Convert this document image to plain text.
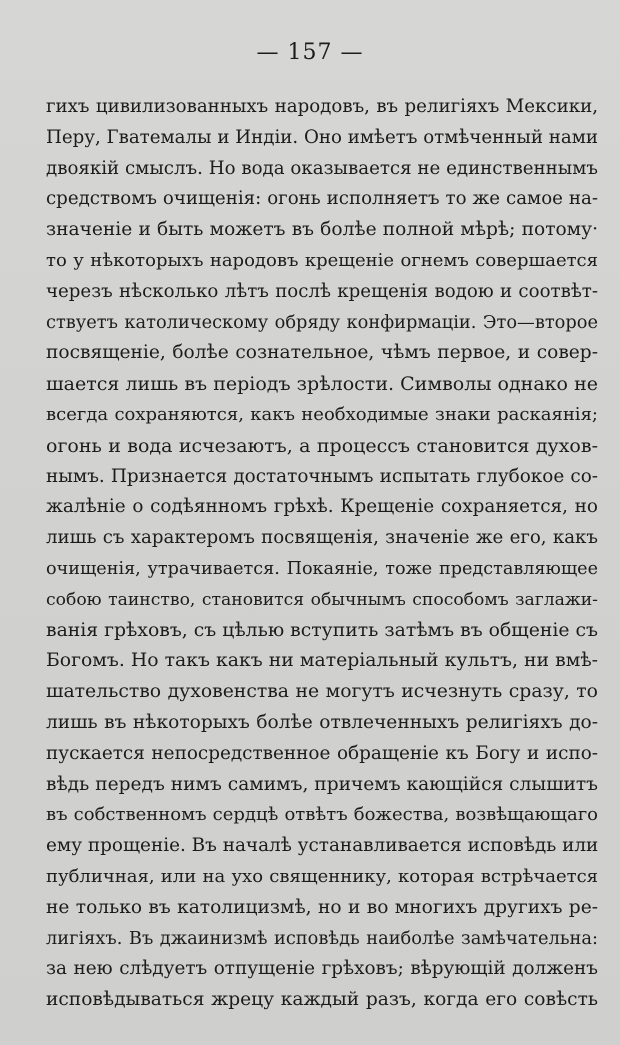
— 157 —
гихъ цивилизованныхъ народовъ, въ религіяхъ Мексики,
Перу, Гватемалы и Индіи. Оно имѣетъ отмѣченный нами
двоякій смыслъ. Но вода оказывается не единственнымъ
средствомъ очищенія: огонь исполняетъ то же самое на-
значеніе и быть можетъ въ болѣе полной мѣрѣ; потому·
то у нѣкоторыхъ народовъ крещеніе огнемъ совершается
черезъ нѣсколько лѣтъ послѣ крещенія водою и соотвѣт-
ствуетъ католическому обряду конфирмаціи. Это—второе
посвященіе, болѣе сознательное, чѣмъ первое, и совер-
шается лишь въ періодъ зрѣлости. Символы однако не
всегда сохраняются, какъ необходимые знаки раскаянія;
огонь и вода исчезаютъ, а процессъ становится духов-
нымъ. Признается достаточнымъ испытать глубокое со-
жалѣніе о содѣянномъ грѣхѣ. Крещеніе сохраняется, но
лишь съ характеромъ посвященія, значеніе же его, какъ
очищенія, утрачивается. Покаяніе, тоже представляющее
собою таинство, становится обычнымъ способомъ заглажи-
ванія грѣховъ, съ цѣлью вступить затѣмъ въ общеніе съ
Богомъ. Но такъ какъ ни матеріальный культъ, ни вмѣ-
шательство духовенства не могутъ исчезнуть сразу, то
лишь въ нѣкоторыхъ болѣе отвлеченныхъ религіяхъ до-
пускается непосредственное обращеніе къ Богу и испо-
вѣдь передъ нимъ самимъ, причемъ кающійся слышитъ
въ собственномъ сердцѣ отвѣтъ божества, возвѣщающаго
ему прощеніе. Въ началѣ устанавливается исповѣдь или
публичная, или на ухо священнику, которая встрѣчается
не только въ католицизмѣ, но и во многихъ другихъ ре-
лигіяхъ. Въ джаинизмѣ исповѣдь наиболѣе замѣчательна:
за нею слѣдуетъ отпущеніе грѣховъ; вѣрующій долженъ
исповѣдываться жрецу каждый разъ, когда его совѣсть
